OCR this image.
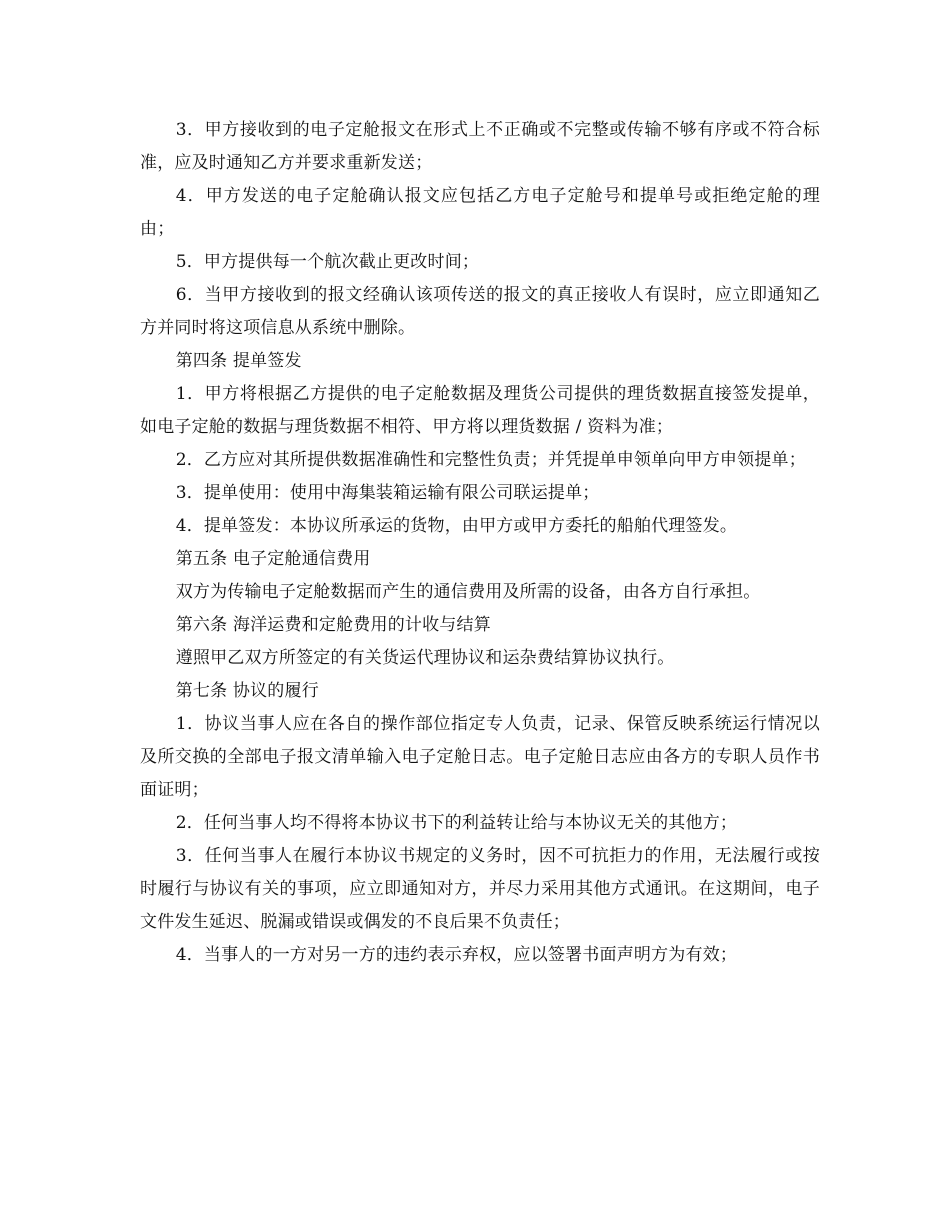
3．甲方接收到的电子定舱报文在形式上不正确或不完整或传输不够有序或不符合标准，应及时通知乙方并要求重新发送；

4．甲方发送的电子定舱确认报文应包括乙方电子定舱号和提单号或拒绝定舱的理由；

5．甲方提供每一个航次截止更改时间；

6．当甲方接收到的报文经确认该项传送的报文的真正接收人有误时，应立即通知乙方并同时将这项信息从系统中删除。

第四条 提单签发

1．甲方将根据乙方提供的电子定舱数据及理货公司提供的理货数据直接签发提单，如电子定舱的数据与理货数据不相符、甲方将以理货数据 / 资料为准；

2．乙方应对其所提供数据准确性和完整性负责；并凭提单申领单向甲方申领提单；

3．提单使用：使用中海集装箱运输有限公司联运提单；

4．提单签发：本协议所承运的货物，由甲方或甲方委托的船舶代理签发。

第五条 电子定舱通信费用

双方为传输电子定舱数据而产生的通信费用及所需的设备，由各方自行承担。

第六条 海洋运费和定舱费用的计收与结算

遵照甲乙双方所签定的有关货运代理协议和运杂费结算协议执行。

第七条 协议的履行

1．协议当事人应在各自的操作部位指定专人负责，记录、保管反映系统运行情况以及所交换的全部电子报文清单输入电子定舱日志。电子定舱日志应由各方的专职人员作书面证明；

2．任何当事人均不得将本协议书下的利益转让给与本协议无关的其他方；

3．任何当事人在履行本协议书规定的义务时，因不可抗拒力的作用，无法履行或按时履行与协议有关的事项，应立即通知对方，并尽力采用其他方式通讯。在这期间，电子文件发生延迟、脱漏或错误或偶发的不良后果不负责任；

4．当事人的一方对另一方的违约表示弃权，应以签署书面声明方为有效；
